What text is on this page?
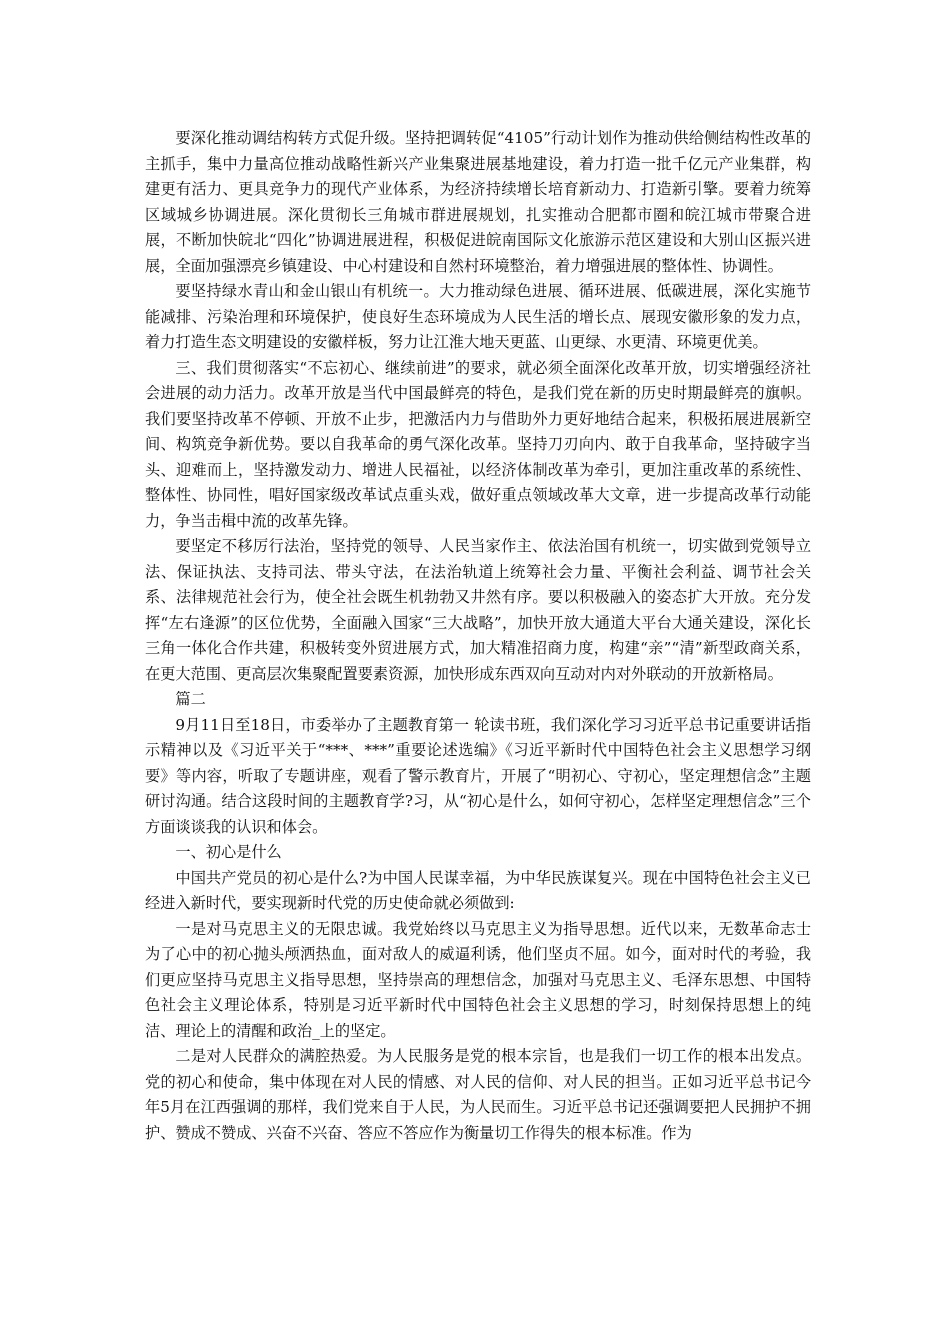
要深化推动调结构转方式促升级。坚持把调转促“4105”行动计划作为推动供给侧结构性改革的主抓手，集中力量高位推动战略性新兴产业集聚进展基地建设，着力打造一批千亿元产业集群，构建更有活力、更具竞争力的现代产业体系，为经济持续增长培育新动力、打造新引擎。要着力统筹区域城乡协调进展。深化贯彻长三角城市群进展规划，扎实推动合肥都市圈和皖江城市带聚合进展，不断加快皖北“四化”协调进展进程，积极促进皖南国际文化旅游示范区建设和大别山区振兴进展，全面加强漂亮乡镇建设、中心村建设和自然村环境整治，着力增强进展的整体性、协调性。

要坚持绿水青山和金山银山有机统一。大力推动绿色进展、循环进展、低碳进展，深化实施节能减排、污染治理和环境保护，使良好生态环境成为人民生活的增长点、展现安徽形象的发力点，着力打造生态文明建设的安徽样板，努力让江淮大地天更蓝、山更绿、水更清、环境更优美。

三、我们贯彻落实“不忘初心、继续前进”的要求，就必须全面深化改革开放，切实增强经济社会进展的动力活力。改革开放是当代中国最鲜亮的特色，是我们党在新的历史时期最鲜亮的旗帜。我们要坚持改革不停顿、开放不止步，把激活内力与借助外力更好地结合起来，积极拓展进展新空间、构筑竞争新优势。要以自我革命的勇气深化改革。坚持刀刃向内、敢于自我革命，坚持破字当头、迎难而上，坚持激发动力、增进人民福祉，以经济体制改革为牵引，更加注重改革的系统性、整体性、协同性，唱好国家级改革试点重头戏，做好重点领域改革大文章，进一步提高改革行动能力，争当击楫中流的改革先锋。

要坚定不移厉行法治，坚持党的领导、人民当家作主、依法治国有机统一，切实做到党领导立法、保证执法、支持司法、带头守法，在法治轨道上统筹社会力量、平衡社会利益、调节社会关系、法律规范社会行为，使全社会既生机勃勃又井然有序。要以积极融入的姿态扩大开放。充分发挥“左右逢源”的区位优势，全面融入国家“三大战略”，加快开放大通道大平台大通关建设，深化长三角一体化合作共建，积极转变外贸进展方式，加大精准招商力度，构建“亲”“清”新型政商关系，在更大范围、更高层次集聚配置要素资源，加快形成东西双向互动对内对外联动的开放新格局。

篇二

9月11日至18日，市委举办了主题教育第一 轮读书班，我们深化学习习近平总书记重要讲话指示精神以及《习近平关于“***、***”重要论述选编》《习近平新时代中国特色社会主义思想学习纲要》等内容，听取了专题讲座，观看了警示教育片，开展了“明初心、守初心，坚定理想信念”主题研讨沟通。结合这段时间的主题教育学?习，从“初心是什么，如何守初心，怎样坚定理想信念”三个方面谈谈我的认识和体会。

一、初心是什么

中国共产党员的初心是什么?为中国人民谋幸福，为中华民族谋复兴。现在中国特色社会主义已经进入新时代，要实现新时代党的历史使命就必须做到:

一是对马克思主义的无限忠诚。我党始终以马克思主义为指导思想。近代以来，无数革命志士为了心中的初心抛头颅洒热血，面对敌人的威逼利诱，他们坚贞不屈。如今，面对时代的考验，我们更应坚持马克思主义指导思想，坚持崇高的理想信念，加强对马克思主义、毛泽东思想、中国特色社会主义理论体系，特别是习近平新时代中国特色社会主义思想的学习，时刻保持思想上的纯洁、理论上的清醒和政治_上的坚定。

二是对人民群众的满腔热爱。为人民服务是党的根本宗旨，也是我们一切工作的根本出发点。党的初心和使命，集中体现在对人民的情感、对人民的信仰、对人民的担当。正如习近平总书记今年5月在江西强调的那样，我们党来自于人民，为人民而生。习近平总书记还强调要把人民拥护不拥护、赞成不赞成、兴奋不兴奋、答应不答应作为衡量切工作得失的根本标准。作为
